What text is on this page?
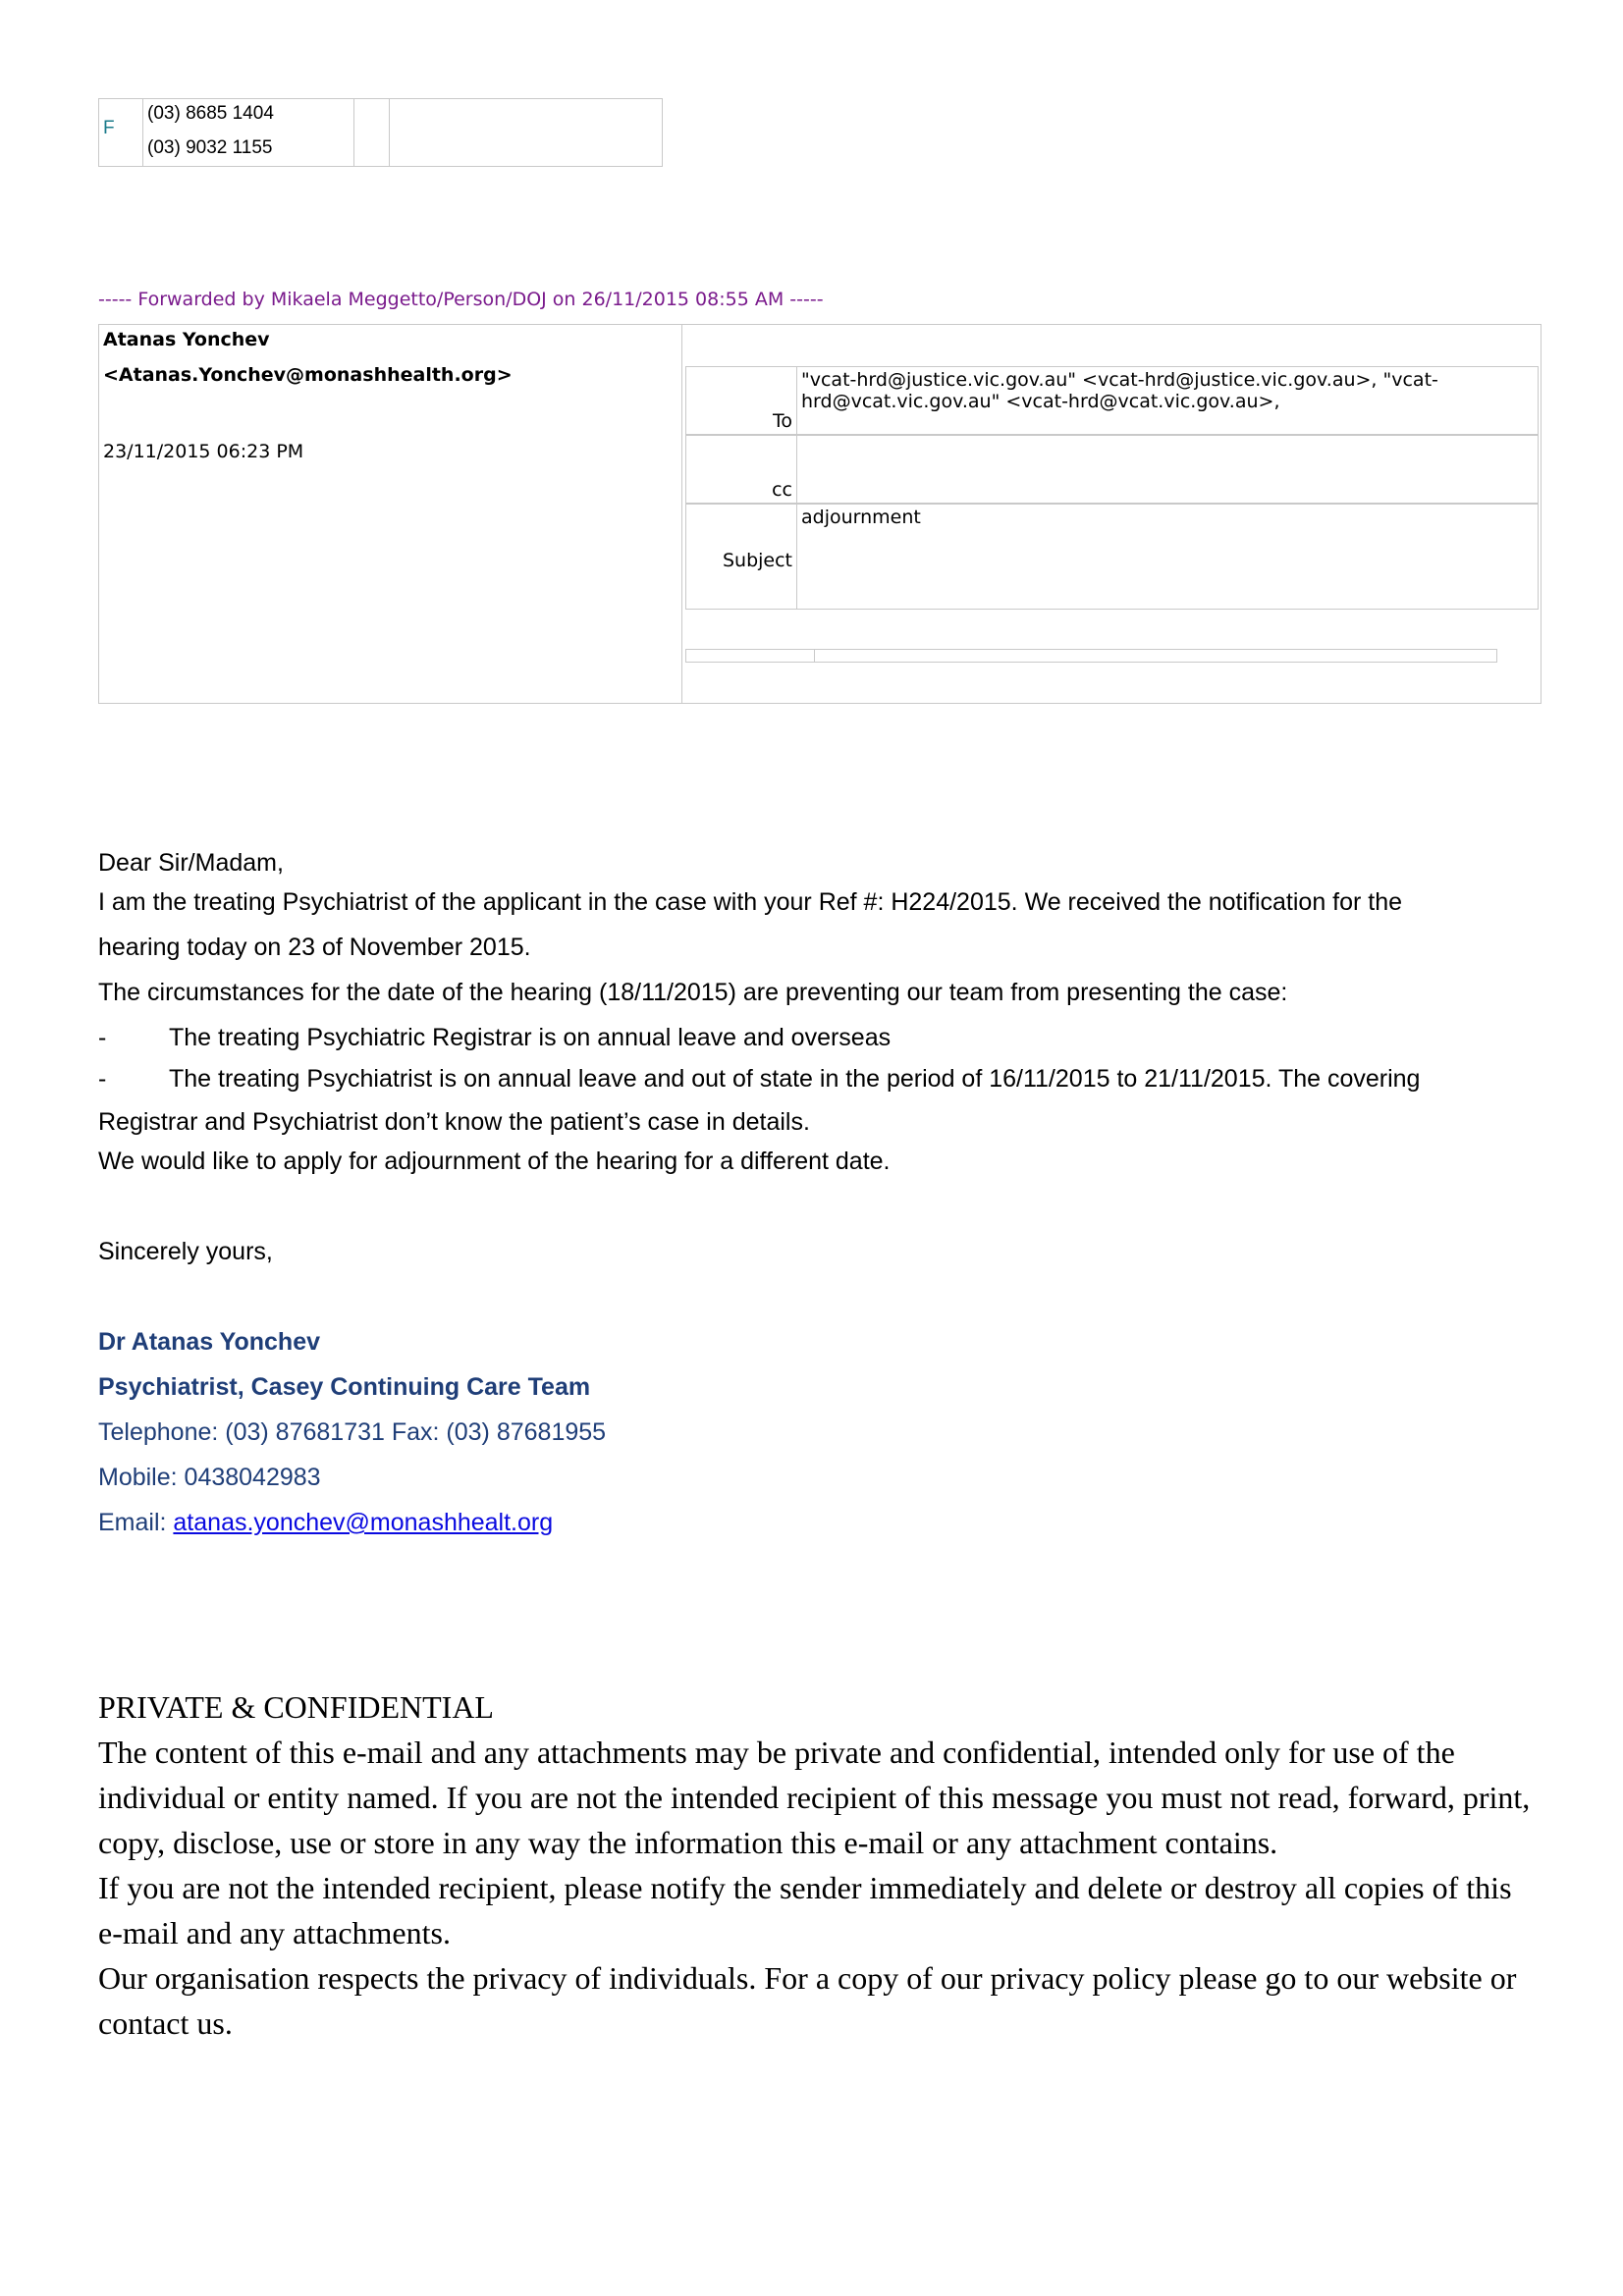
F
(03) 8685 1404
(03) 9032 1155
----- Forwarded by Mikaela Meggetto/Person/DOJ on 26/11/2015 08:55 AM -----
Atanas Yonchev
<Atanas.Yonchev@monashhealth.org>
23/11/2015 06:23 PM
To
"vcat-hrd@justice.vic.gov.au" <vcat-hrd@justice.vic.gov.au>, "vcat-hrd@vcat.vic.gov.au" <vcat-hrd@vcat.vic.gov.au>,
cc
Subject
adjournment
Dear Sir/Madam,
I am the treating Psychiatrist of the applicant in the case with your Ref #: H224/2015. We received the notification for the
hearing today on 23 of November 2015.
The circumstances for the date of the hearing (18/11/2015) are preventing our team from presenting the case:
-	The treating Psychiatric Registrar is on annual leave and overseas
-	The treating Psychiatrist is on annual leave and out of state in the period of 16/11/2015 to 21/11/2015. The covering
Registrar and Psychiatrist don’t know the patient’s case in details.
We would like to apply for adjournment of the hearing for a different date.
Sincerely yours,
Dr Atanas Yonchev
Psychiatrist, Casey Continuing Care Team
Telephone: (03) 87681731 Fax: (03) 87681955
Mobile: 0438042983
Email: atanas.yonchev@monashhealt.org

PRIVATE & CONFIDENTIAL

The content of this e-mail and any attachments may be private and confidential, intended only for use of the individual or entity named. If you are not the intended recipient of this message you must not read, forward, print, copy, disclose, use or store in any way the information this e-mail or any attachment contains.

If you are not the intended recipient, please notify the sender immediately and delete or destroy all copies of this e-mail and any attachments.

Our organisation respects the privacy of individuals. For a copy of our privacy policy please go to our website or contact us.
